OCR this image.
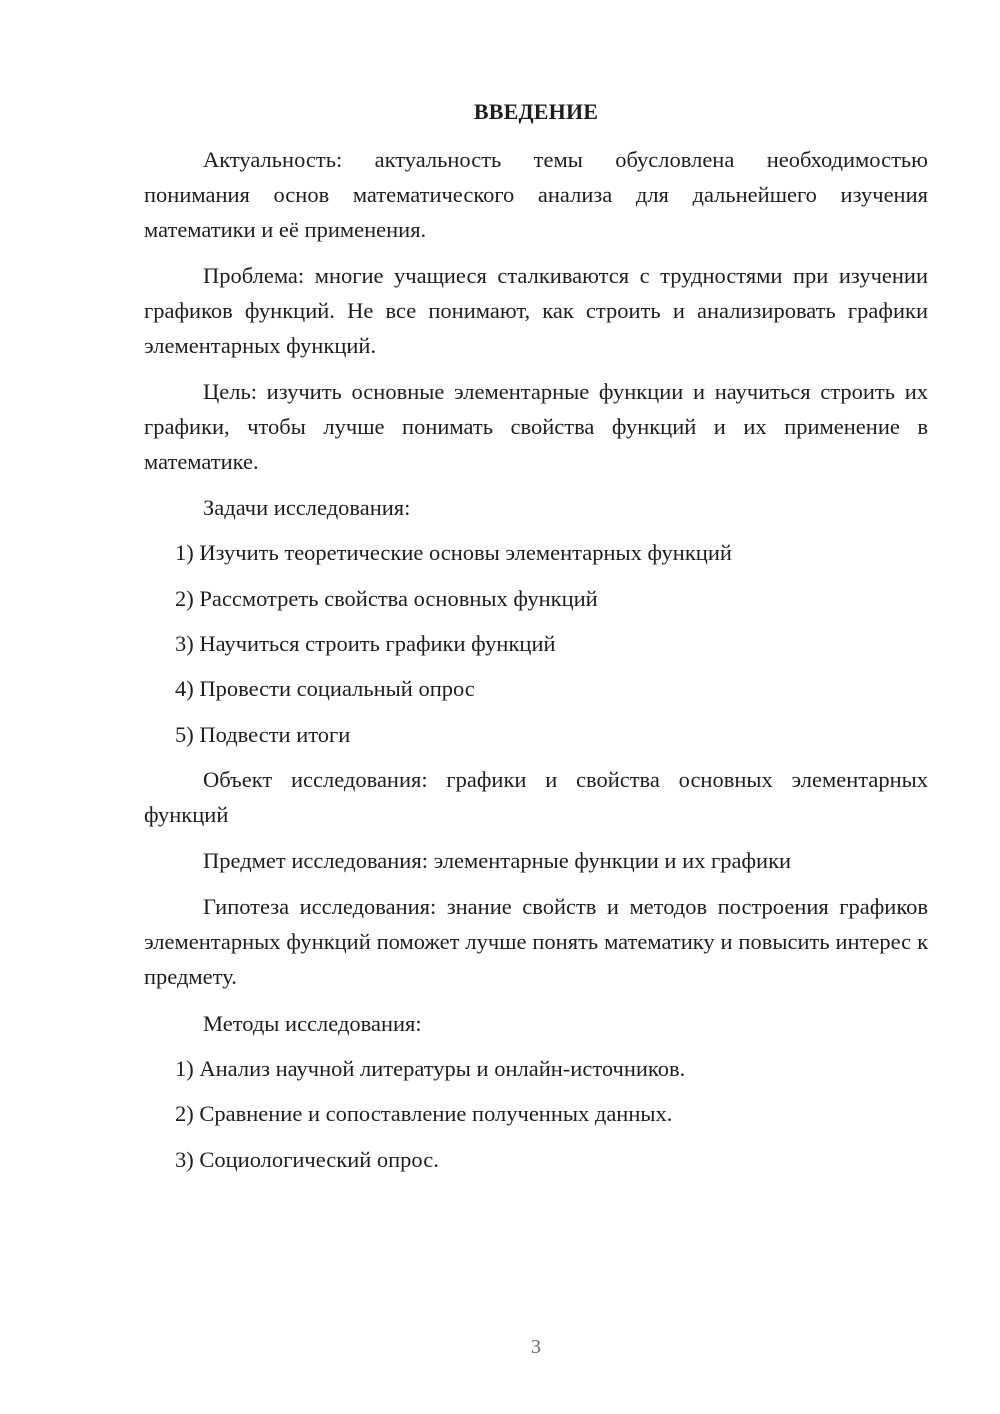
ВВЕДЕНИЕ

Актуальность: актуальность темы обусловлена необходимостью понимания основ математического анализа для дальнейшего изучения математики и её применения.

Проблема: многие учащиеся сталкиваются с трудностями при изучении графиков функций. Не все понимают, как строить и анализировать графики элементарных функций.

Цель: изучить основные элементарные функции и научиться строить их графики, чтобы лучше понимать свойства функций и их применение в математике.

Задачи исследования:

1) Изучить теоретические основы элементарных функций

2) Рассмотреть свойства основных функций

3) Научиться строить графики функций

4) Провести социальный опрос

5) Подвести итоги

Объект исследования: графики и свойства основных элементарных функций

Предмет исследования: элементарные функции и их графики

Гипотеза исследования: знание свойств и методов построения графиков элементарных функций поможет лучше понять математику и повысить интерес к предмету.

Методы исследования:

1) Анализ научной литературы и онлайн-источников.

2) Сравнение и сопоставление полученных данных.

3) Социологический опрос.

3
